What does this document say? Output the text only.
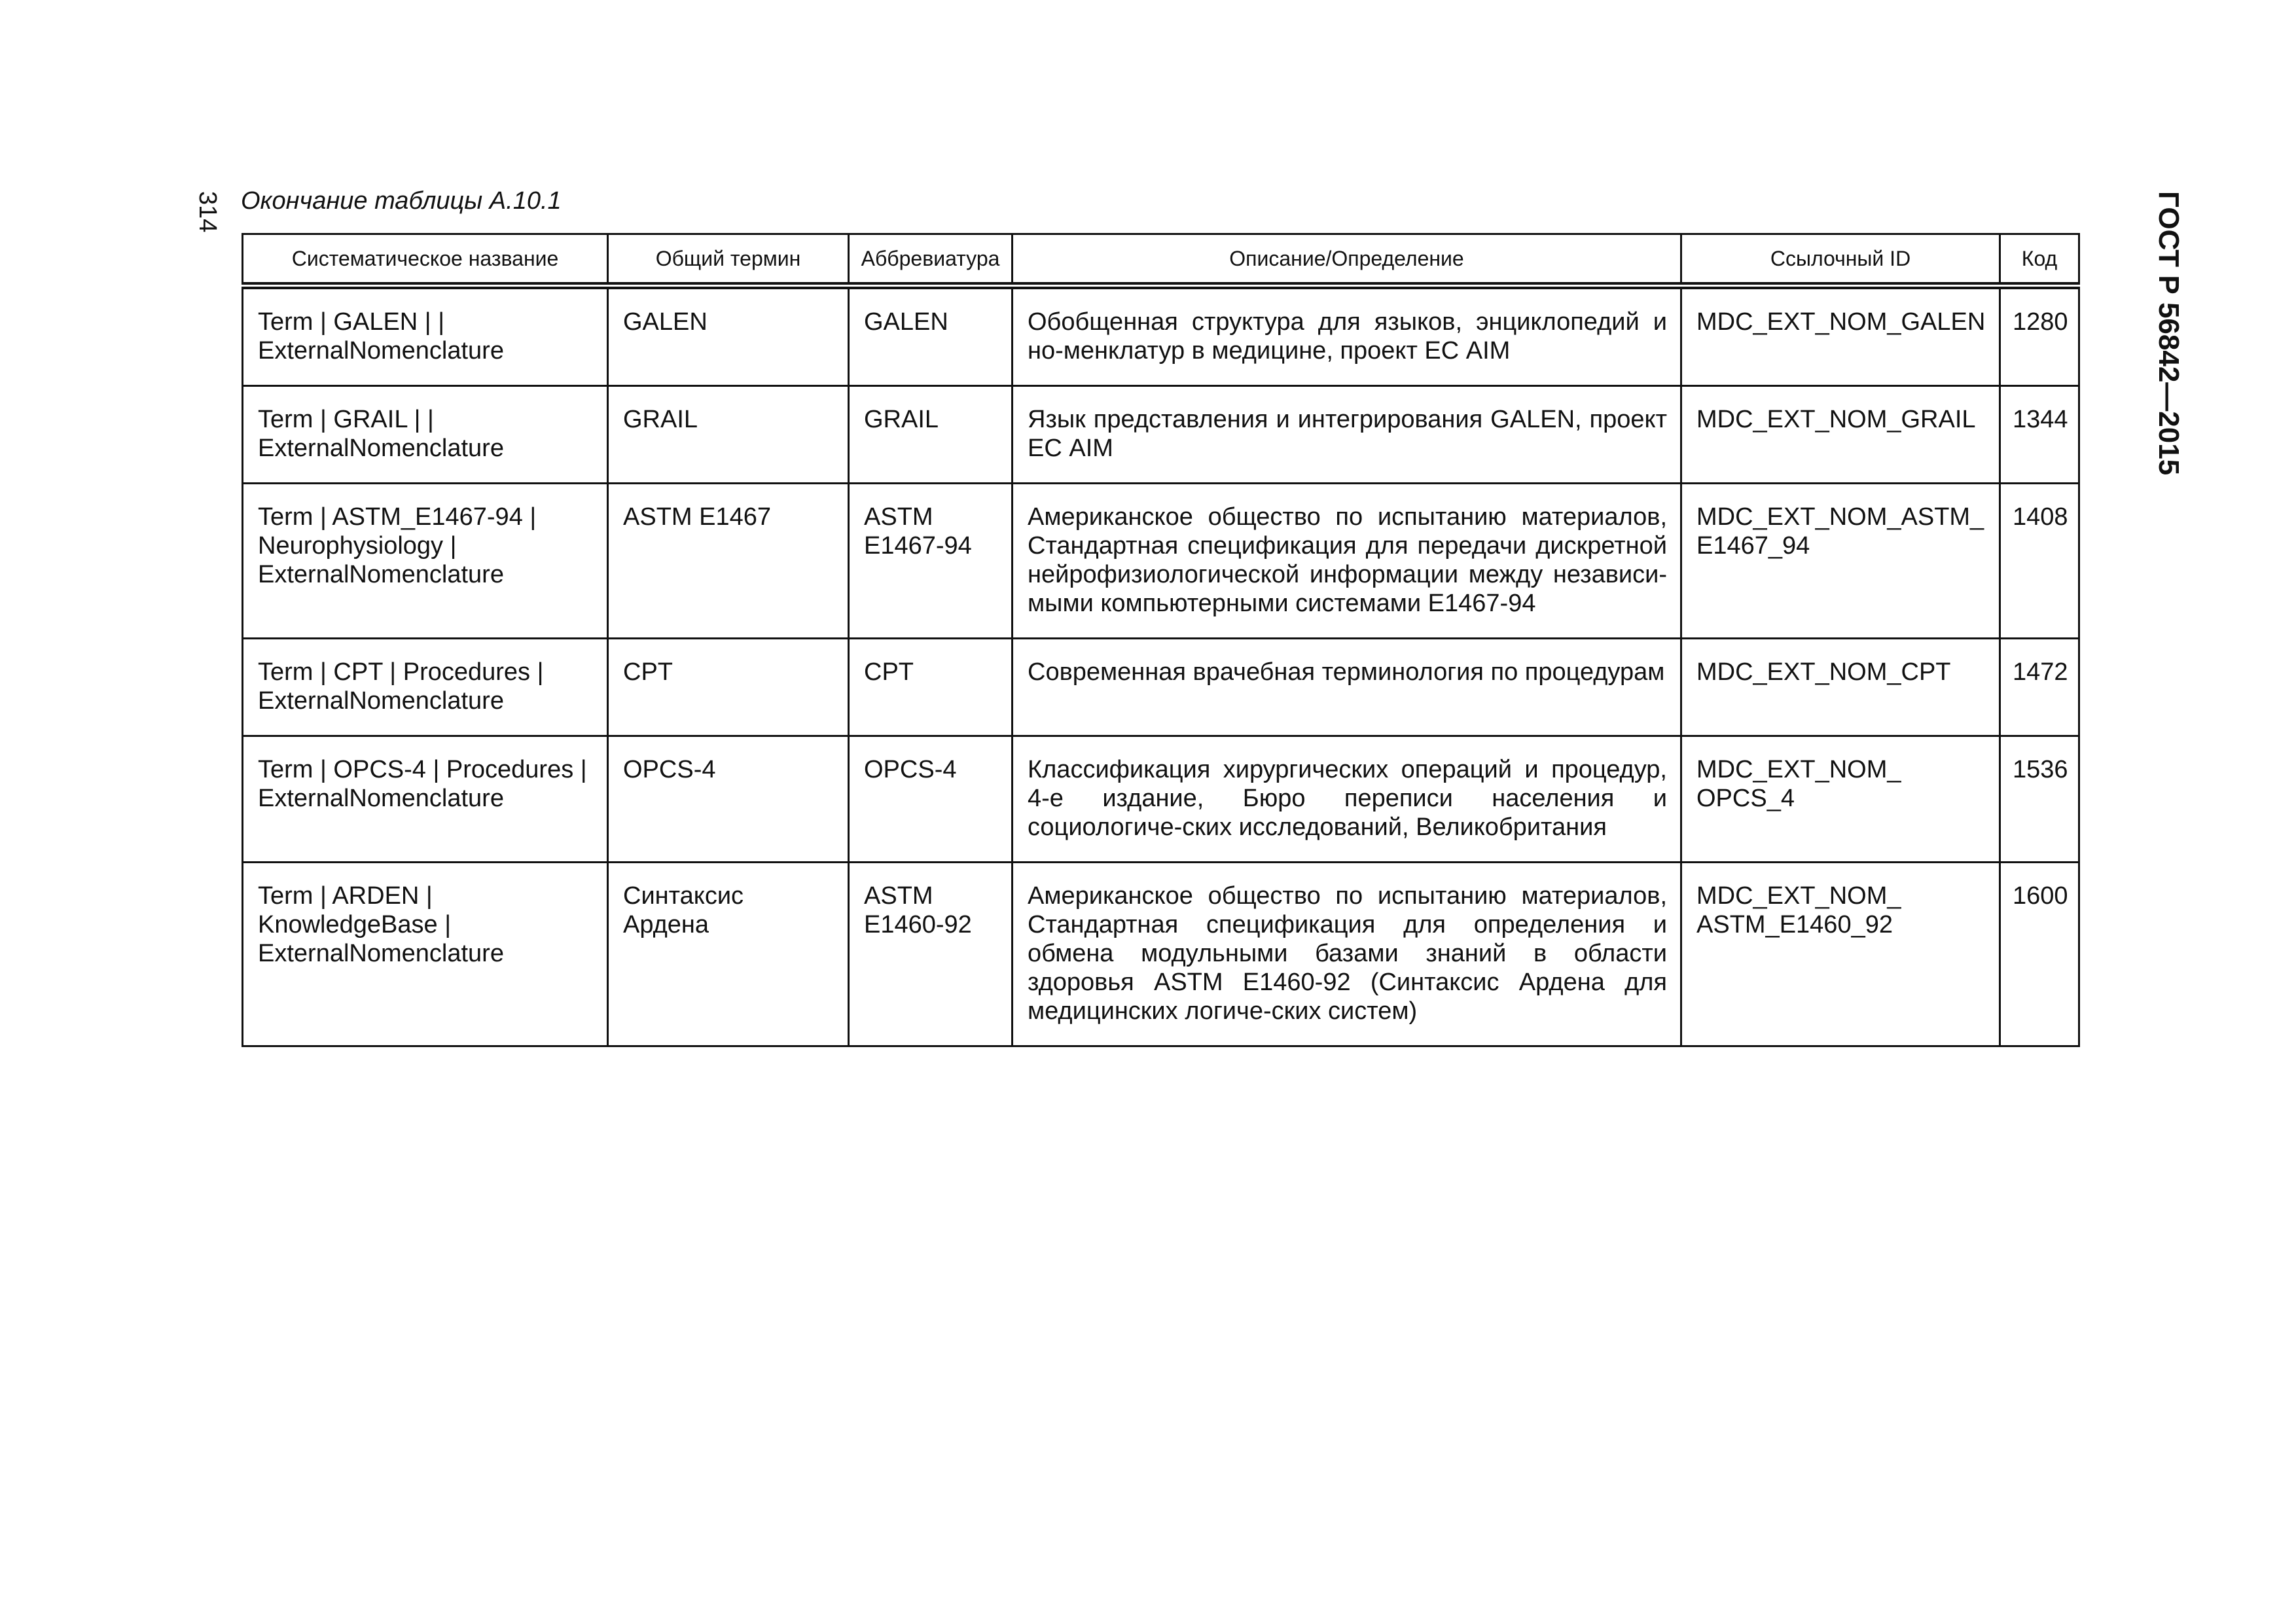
314 Окончание таблицы А.10.1	ГОСТ Р 56842—2015
Систематическое название	Общий термин	Аббревиатура	Описание/Определение	Ссылочный ID	Код
Term | GALEN | | ExternalNomenclature	GALEN	GALEN	Обобщенная структура для языков, энциклопедий и но-менклатур в медицине, проект ЕС AIM	MDC_EXT_NOM_GALEN	1280
Term | GRAIL | | ExternalNomenclature	GRAIL	GRAIL	Язык представления и интегрирования GALEN, проект ЕС AIM	MDC_EXT_NOM_GRAIL	1344
Term | ASTM_E1467-94 | Neurophysiology | ExternalNomenclature	ASTM E1467	ASTM E1467-94	Американское общество по испытанию материалов, Стандартная спецификация для передачи дискретной нейрофизиологической информации между независи-мыми компьютерными системами Е1467-94	MDC_EXT_NOM_ASTM_E1467_94	1408
Term | CPT | Procedures | ExternalNomenclature	CPT	CPT	Современная врачебная терминология по процедурам	MDC_EXT_NOM_CPT	1472
Term | OPCS-4 | Procedures | ExternalNomenclature	OPCS-4	OPCS-4	Классификация хирургических операций и процедур, 4-е издание, Бюро переписи населения и социологиче-ских исследований, Великобритания	MDC_EXT_NOM_ OPCS_4	1536
Term | ARDEN | KnowledgeBase | ExternalNomenclature	Синтаксис Ардена	ASTM E1460-92	Американское общество по испытанию материалов, Стандартная спецификация для определения и обмена модульными базами знаний в области здоровья ASTM Е1460-92 (Синтаксис Ардена для медицинских логиче-ских систем)	MDC_EXT_NOM_ ASTM_E1460_92	1600
